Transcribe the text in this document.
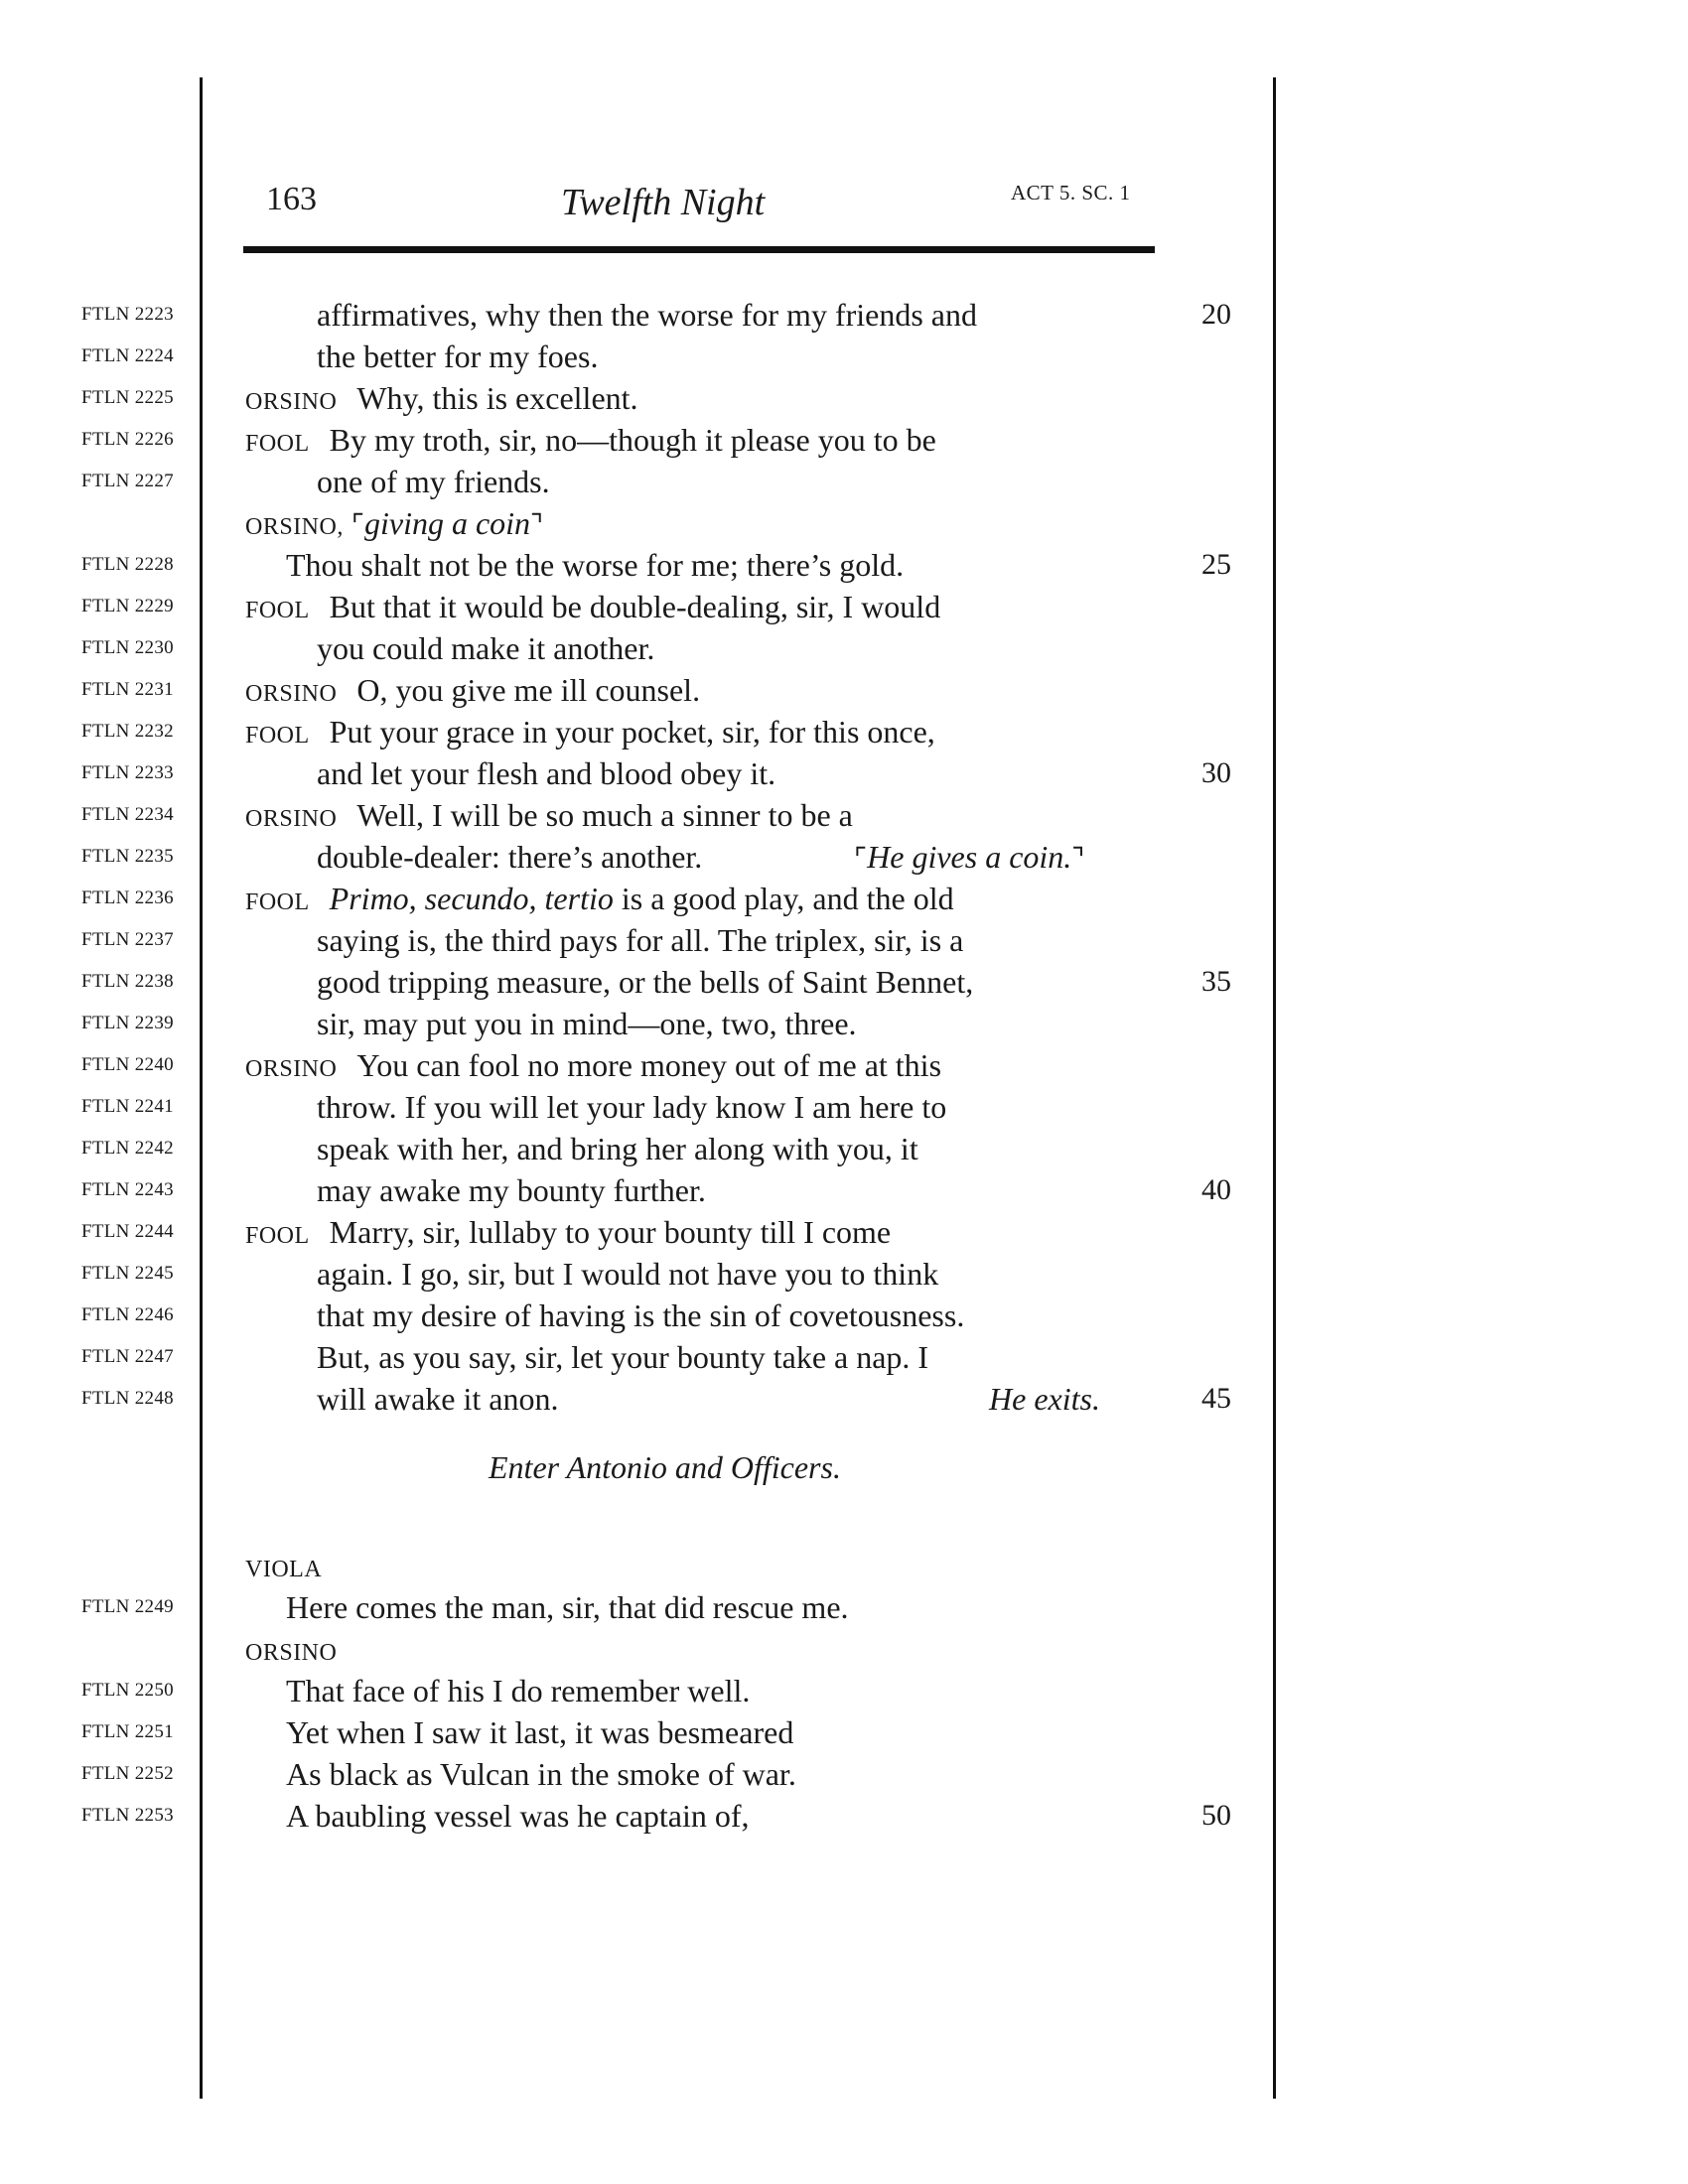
163	Twelfth Night	ACT 5. SC. 1
FTLN 2223	affirmatives, why then the worse for my friends and	20
FTLN 2224	the better for my foes.
FTLN 2225	ORSINO Why, this is excellent.
FTLN 2226	FOOL By my troth, sir, no—though it please you to be
FTLN 2227	one of my friends.
ORSINO, ⌜ giving a coin ⌝
FTLN 2228	Thou shalt not be the worse for me; there’s gold.	25
FTLN 2229	FOOL But that it would be double-dealing, sir, I would
FTLN 2230	you could make it another.
FTLN 2231	ORSINO O, you give me ill counsel.
FTLN 2232	FOOL Put your grace in your pocket, sir, for this once,
FTLN 2233	and let your flesh and blood obey it.	30
FTLN 2234	ORSINO Well, I will be so much a sinner to be a
FTLN 2235	double-dealer: there’s another.	⌜ He gives a coin. ⌝
FTLN 2236	FOOL Primo, secundo, tertio is a good play, and the old
FTLN 2237	saying is, the third pays for all. The triplex, sir, is a
FTLN 2238	good tripping measure, or the bells of Saint Bennet,	35
FTLN 2239	sir, may put you in mind—one, two, three.
FTLN 2240	ORSINO You can fool no more money out of me at this
FTLN 2241	throw. If you will let your lady know I am here to
FTLN 2242	speak with her, and bring her along with you, it
FTLN 2243	may awake my bounty further.	40
FTLN 2244	FOOL Marry, sir, lullaby to your bounty till I come
FTLN 2245	again. I go, sir, but I would not have you to think
FTLN 2246	that my desire of having is the sin of covetousness.
FTLN 2247	But, as you say, sir, let your bounty take a nap. I
FTLN 2248	will awake it anon.	He exits.	45
Enter Antonio and Officers.
VIOLA
FTLN 2249	Here comes the man, sir, that did rescue me.
ORSINO
FTLN 2250	That face of his I do remember well.
FTLN 2251	Yet when I saw it last, it was besmeared
FTLN 2252	As black as Vulcan in the smoke of war.
FTLN 2253	A baubling vessel was he captain of,	50
